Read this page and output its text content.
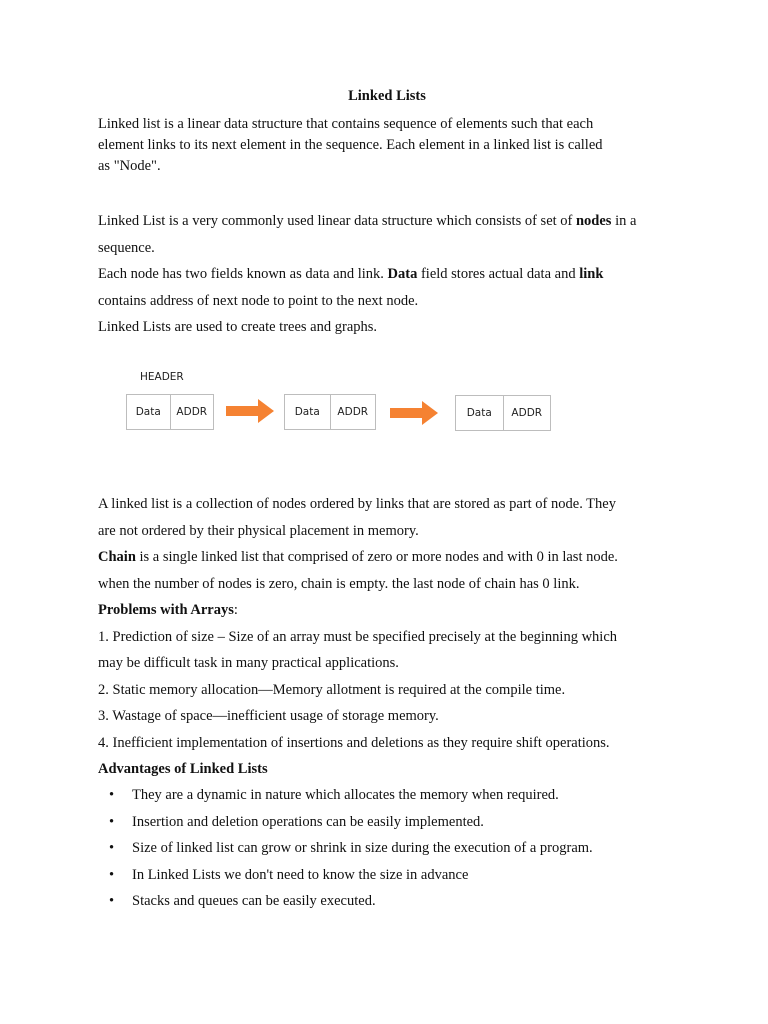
Linked Lists

Linked list is a linear data structure that contains sequence of elements such that each

element links to its next element in the sequence. Each element in a linked list is called

as "Node".

Linked List is a very commonly used linear data structure which consists of set of nodes in a

sequence.

Each node has two fields known as data and link. Data field stores actual data and link

contains address of next node to point to the next node.

Linked Lists are used to create trees and graphs.

HEADER
Data	ADDR	Data	ADDR	Data	ADDR

A linked list is a collection of nodes ordered by links that are stored as part of node. They

are not ordered by their physical placement in memory.

Chain is a single linked list that comprised of zero or more nodes and with 0 in last node.

when the number of nodes is zero, chain is empty. the last node of chain has 0 link.

Problems with Arrays:

1. Prediction of size – Size of an array must be specified precisely at the beginning which

may be difficult task in many practical applications.

2. Static memory allocation—Memory allotment is required at the compile time.

3. Wastage of space—inefficient usage of storage memory.

4. Inefficient implementation of insertions and deletions as they require shift operations.

Advantages of Linked Lists

• They are a dynamic in nature which allocates the memory when required.
• Insertion and deletion operations can be easily implemented.
• Size of linked list can grow or shrink in size during the execution of a program.
• In Linked Lists we don't need to know the size in advance
• Stacks and queues can be easily executed.
